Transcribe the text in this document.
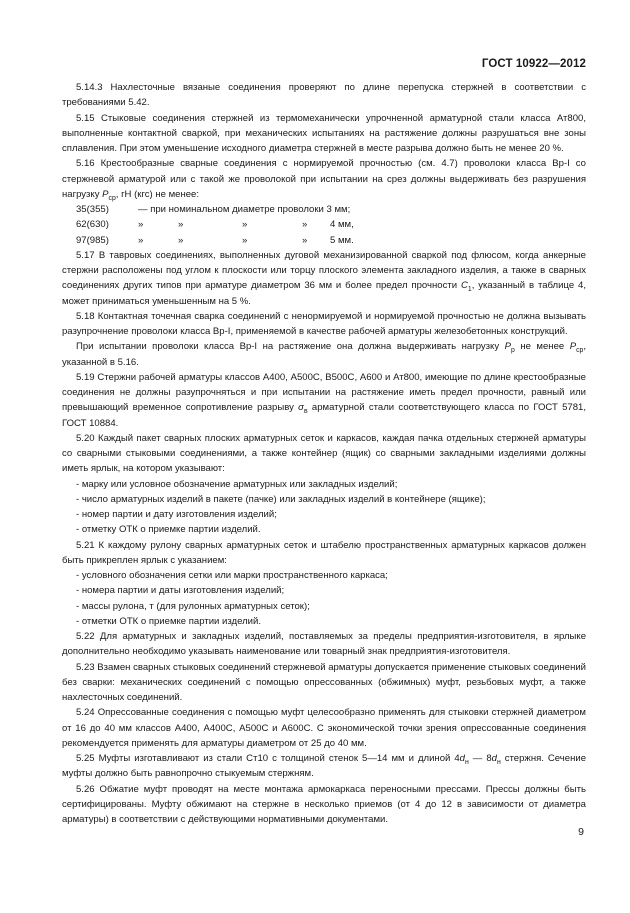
ГОСТ 10922—2012

5.14.3 Нахлесточные вязаные соединения проверяют по длине перепуска стержней в соответствии с требованиями 5.42.

5.15 Стыковые соединения стержней из термомеханически упрочненной арматурной стали класса Ат800, выполненные контактной сваркой, при механических испытаниях на растяжение должны разрушаться вне зоны сплавления. При этом уменьшение исходного диаметра стержней в месте разрыва должно быть не менее 20 %.

5.16 Крестообразные сварные соединения с нормируемой прочностью (см. 4.7) проволоки класса Вр-I со стержневой арматурой или с такой же проволокой при испытании на срез должны выдерживать без разрушения нагрузку $P_{ср}$, гН (кгс) не менее:

35(355)	— при номинальном диаметре проволоки 3 мм;
62(630)	»	»	»	»	4 мм,
97(985)	»	»	»	»	5 мм.

5.17 В тавровых соединениях, выполненных дуговой механизированной сваркой под флюсом, когда анкерные стержни расположены под углом к плоскости или торцу плоского элемента закладного изделия, а также в сварных соединениях других типов при арматуре диаметром 36 мм и более предел прочности $C_1$, указанный в таблице 4, может приниматься уменьшенным на 5 %.

5.18 Контактная точечная сварка соединений с ненормируемой и нормируемой прочностью не должна вызывать разупрочнение проволоки класса Вр-I, применяемой в качестве рабочей арматуры железобетонных конструкций.

При испытании проволоки класса Вр-I на растяжение она должна выдерживать нагрузку $P_р$ не менее $P_{ср}$, указанной в 5.16.

5.19 Стержни рабочей арматуры классов А400, А500С, В500С, А600 и Ат800, имеющие по длине крестообразные соединения не должны разупрочняться и при испытании на растяжение иметь предел прочности, равный или превышающий временное сопротивление разрыву $\sigma_в$ арматурной стали соответствующего класса по ГОСТ 5781, ГОСТ 10884.

5.20 Каждый пакет сварных плоских арматурных сеток и каркасов, каждая пачка отдельных стержней арматуры со сварными стыковыми соединениями, а также контейнер (ящик) со сварными закладными изделиями должны иметь ярлык, на котором указывают:

- марку или условное обозначение арматурных или закладных изделий;

- число арматурных изделий в пакете (пачке) или закладных изделий в контейнере (ящике);

- номер партии и дату изготовления изделий;

- отметку ОТК о приемке партии изделий.

5.21 К каждому рулону сварных арматурных сеток и штабелю пространственных арматурных каркасов должен быть прикреплен ярлык с указанием:

- условного обозначения сетки или марки пространственного каркаса;

- номера партии и даты изготовления изделий;

- массы рулона, т (для рулонных арматурных сеток);

- отметки ОТК о приемке партии изделий.

5.22 Для арматурных и закладных изделий, поставляемых за пределы предприятия-изготовителя, в ярлыке дополнительно необходимо указывать наименование или товарный знак предприятия-изготовителя.

5.23 Взамен сварных стыковых соединений стержневой арматуры допускается применение стыковых соединений без сварки: механических соединений с помощью опрессованных (обжимных) муфт, резьбовых муфт, а также нахлесточных соединений.

5.24 Опрессованные соединения с помощью муфт целесообразно применять для стыковки стержней диаметром от 16 до 40 мм классов А400, А400С, А500С и А600С. С экономической точки зрения опрессованные соединения рекомендуется применять для арматуры диаметром от 25 до 40 мм.

5.25 Муфты изготавливают из стали Ст10 с толщиной стенок 5—14 мм и длиной $4d_н$ — $8d_н$ стержня. Сечение муфты должно быть равнопрочно стыкуемым стержням.

5.26 Обжатие муфт проводят на месте монтажа армокаркаса переносными прессами. Прессы должны быть сертифицированы. Муфту обжимают на стержне в несколько приемов (от 4 до 12 в зависимости от диаметра арматуры) в соответствии с действующими нормативными документами.

9
